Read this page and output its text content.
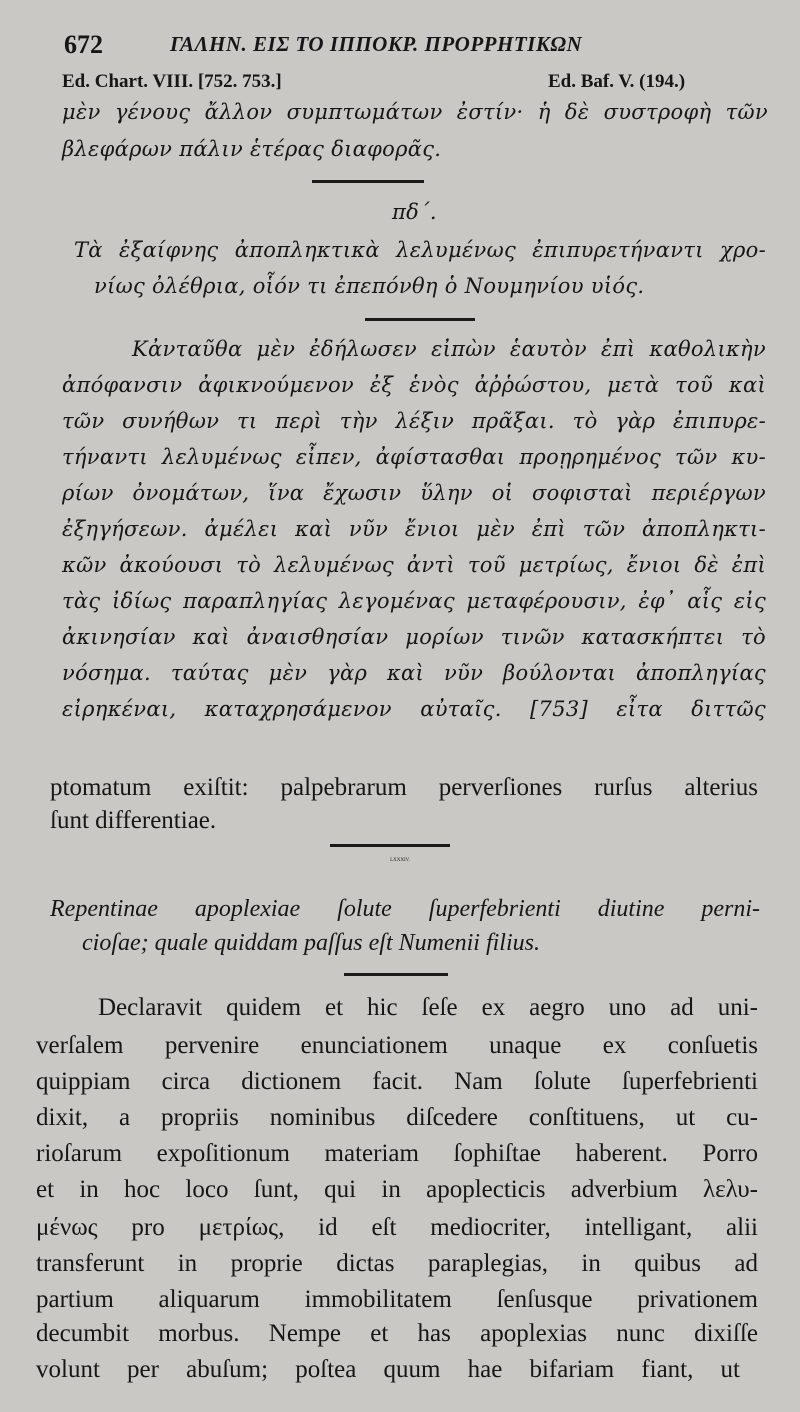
672	ΓΑΛΗΝ. ΕΙΣ ΤΟ ΙΠΠΟΚΡ. ΠΡΟΡΡΗΤΙΚΩΝ
Ed. Chart. VIII. [752. 753.]	Ed. Baf. V. (194.)
μὲν γένους ἄλλον συμπτωμάτων ἐστίν· ἡ δὲ συστροφὴ τῶν
βλεφάρων πάλιν ἑτέρας διαφορᾶς.
πδ΄.
Τὰ ἐξαίφνης ἀποπληκτικὰ λελυμένως ἐπιπυρετήναντι χρο-
νίως ὀλέθρια, οἷόν τι ἐπεπόνθη ὁ Νουμηνίου υἱός.
Κἀνταῦθα μὲν ἐδήλωσεν εἰπὼν ἑαυτὸν ἐπὶ καθολικὴν
ἀπόφανσιν ἀφικνούμενον ἐξ ἑνὸς ἀῤῥώστου, μετὰ τοῦ καὶ
τῶν συνήθων τι περὶ τὴν λέξιν πρᾶξαι. τὸ γὰρ ἐπιπυρε-
τήναντι λελυμένως εἶπεν, ἀφίστασθαι προῃρημένος τῶν κυ-
ρίων ὀνομάτων, ἵνα ἔχωσιν ὕλην οἱ σοφισταὶ περιέργων
ἐξηγήσεων. ἀμέλει καὶ νῦν ἔνιοι μὲν ἐπὶ τῶν ἀποπληκτι-
κῶν ἀκούουσι τὸ λελυμένως ἀντὶ τοῦ μετρίως, ἔνιοι δὲ ἐπὶ
τὰς ἰδίως παραπληγίας λεγομένας μεταφέρουσιν, ἐφ᾽ αἷς εἰς
ἀκινησίαν καὶ ἀναισθησίαν μορίων τινῶν κατασκήπτει τὸ
νόσημα. ταύτας μὲν γὰρ καὶ νῦν βούλονται ἀποπληγίας
εἰρηκέναι, καταχρησάμενον αὐταῖς. [753] εἶτα διττῶς
ptomatum exiſtit: palpebrarum perverſiones rurſus alterius
ſunt differentiae.
LXXXIV.
Repentinae apoplexiae ſolute ſuperfebrienti diutine perni-
cioſae; quale quiddam paſſus eſt Numenii filius.
Declaravit quidem et hic ſeſe ex aegro uno ad uni-
verſalem pervenire enunciationem unaque ex conſuetis
quippiam circa dictionem facit. Nam ſolute ſuperfebrienti
dixit, a propriis nominibus diſcedere conſtituens, ut cu-
rioſarum expoſitionum materiam ſophiſtae haberent. Porro
et in hoc loco ſunt, qui in apoplecticis adverbium λελυ-
μένως pro μετρίως, id eſt mediocriter, intelligant, alii
transferunt in proprie dictas paraplegias, in quibus ad
partium aliquarum immobilitatem ſenſusque privationem
decumbit morbus. Nempe et has apoplexias nunc dixiſſe
volunt per abuſum; poſtea quum hae bifariam fiant, ut
